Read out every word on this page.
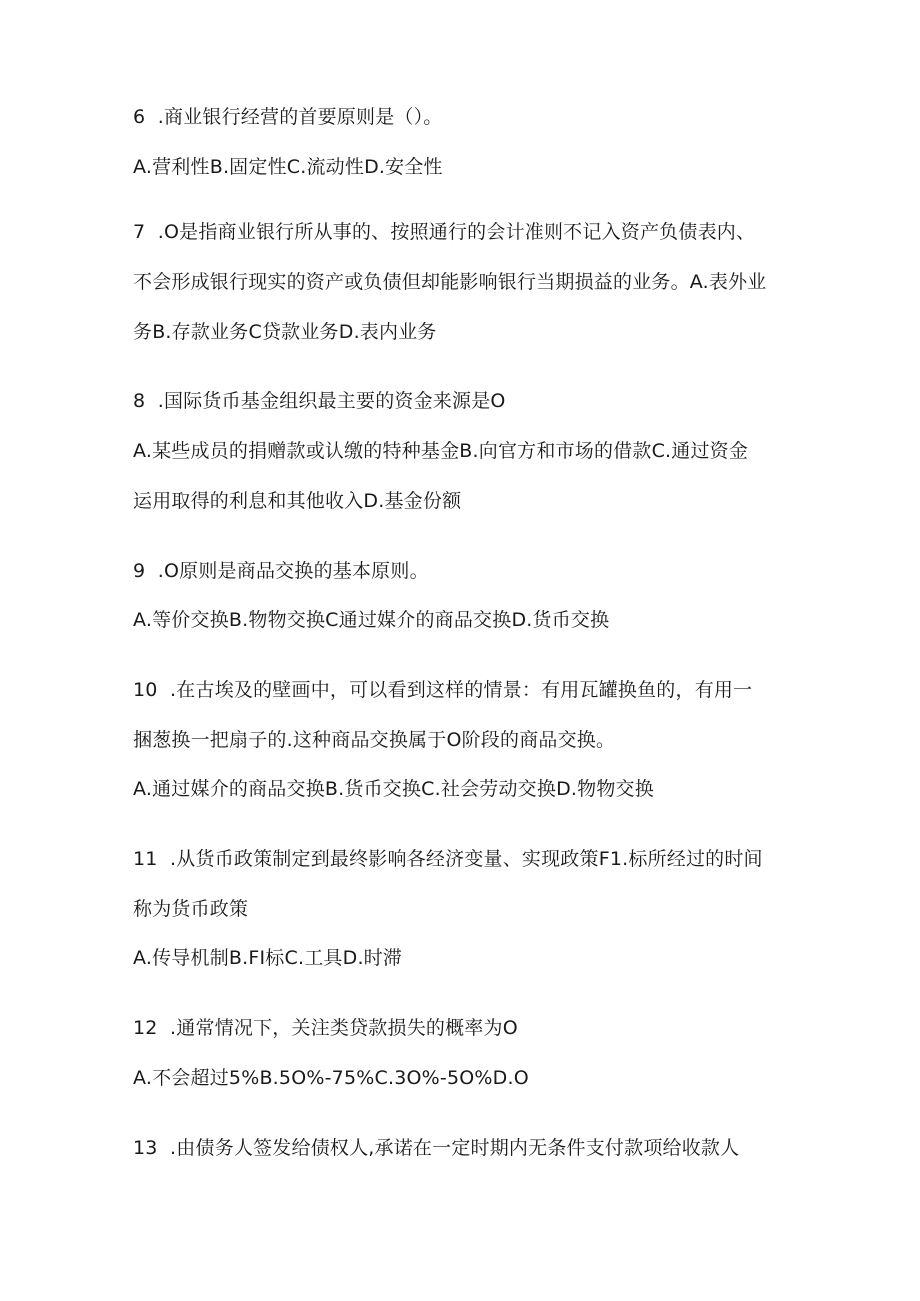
6  .商业银行经营的首要原则是（）。
A.营利性B.固定性C.流动性D.安全性
7  .O是指商业银行所从事的、按照通行的会计准则不记入资产负债表内、
不会形成银行现实的资产或负债但却能影响银行当期损益的业务。A.表外业
务B.存款业务C贷款业务D.表内业务
8  .国际货币基金组织最主要的资金来源是O
A.某些成员的捐赠款或认缴的特种基金B.向官方和市场的借款C.通过资金
运用取得的利息和其他收入D.基金份额
9  .O原则是商品交换的基本原则。
A.等价交换B.物物交换C通过媒介的商品交换D.货币交换
10  .在古埃及的壁画中，可以看到这样的情景：有用瓦罐换鱼的，有用一
捆葱换一把扇子的.这种商品交换属于O阶段的商品交换。
A.通过媒介的商品交换B.货币交换C.社会劳动交换D.物物交换
11  .从货币政策制定到最终影响各经济变量、实现政策F1.标所经过的时间
称为货币政策
A.传导机制B.FI标C.工具D.时滞
12  .通常情况下，关注类贷款损失的概率为O
A.不会超过5%B.5O%-75%C.3O%-5O%D.O
13  .由债务人签发给债权人,承诺在一定时期内无条件支付款项给收款人
